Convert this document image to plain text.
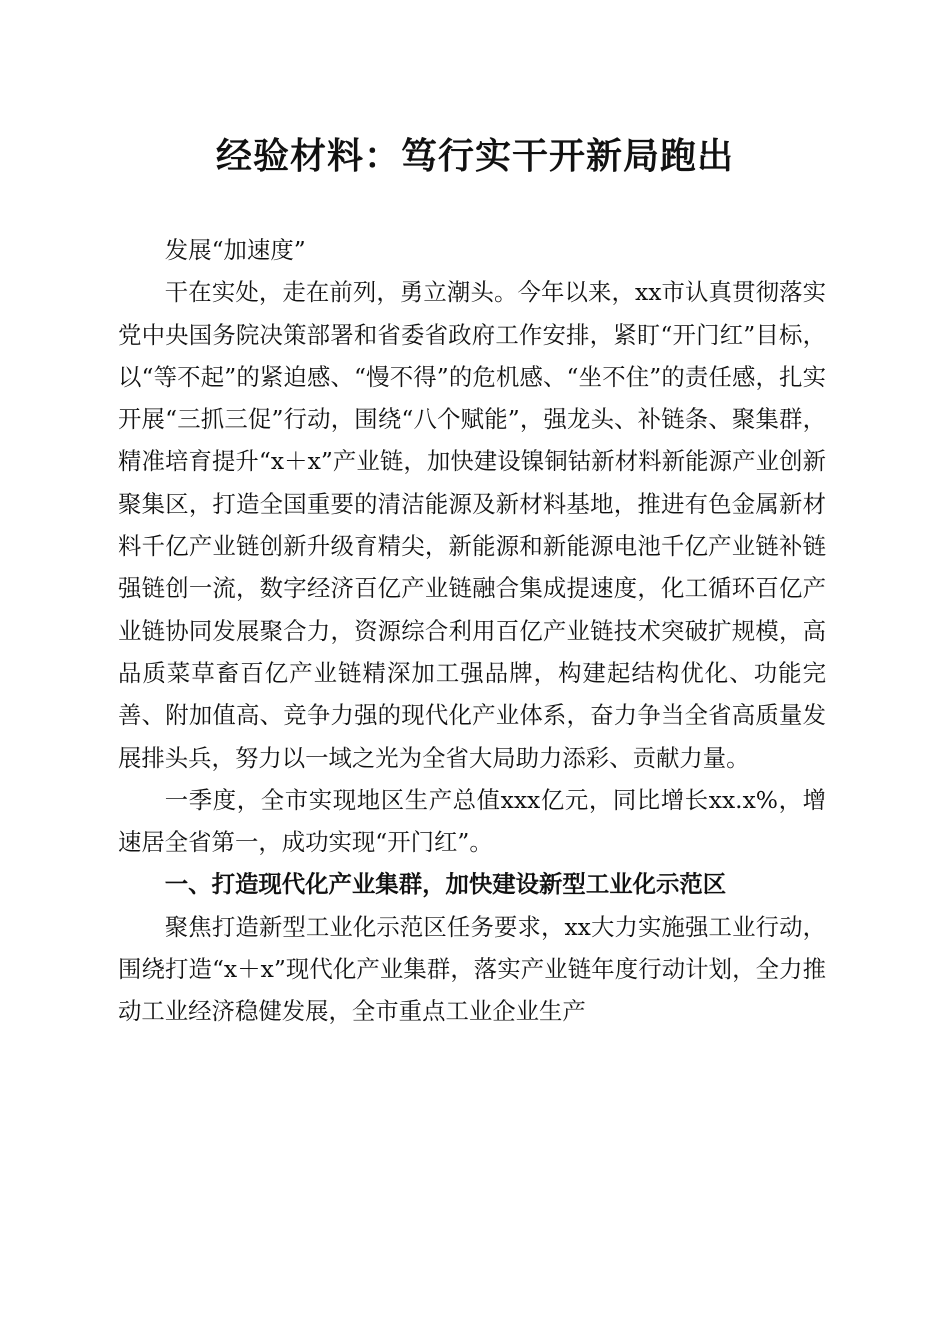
经验材料：笃行实干开新局跑出

发展“加速度”

干在实处，走在前列，勇立潮头。今年以来，xx市认真贯彻落实党中央国务院决策部署和省委省政府工作安排，紧盯“开门红”目标，以“等不起”的紧迫感、“慢不得”的危机感、“坐不住”的责任感，扎实开展“三抓三促”行动，围绕“八个赋能”，强龙头、补链条、聚集群，精准培育提升“x＋x”产业链，加快建设镍铜钴新材料新能源产业创新聚集区，打造全国重要的清洁能源及新材料基地，推进有色金属新材料千亿产业链创新升级育精尖，新能源和新能源电池千亿产业链补链强链创一流，数字经济百亿产业链融合集成提速度，化工循环百亿产业链协同发展聚合力，资源综合利用百亿产业链技术突破扩规模，高品质菜草畜百亿产业链精深加工强品牌，构建起结构优化、功能完善、附加值高、竞争力强的现代化产业体系，奋力争当全省高质量发展排头兵，努力以一域之光为全省大局助力添彩、贡献力量。

一季度，全市实现地区生产总值xxx亿元，同比增长xx.x%，增速居全省第一，成功实现“开门红”。

一、打造现代化产业集群，加快建设新型工业化示范区

聚焦打造新型工业化示范区任务要求，xx大力实施强工业行动，围绕打造“x＋x”现代化产业集群，落实产业链年度行动计划，全力推动工业经济稳健发展，全市重点工业企业生产
